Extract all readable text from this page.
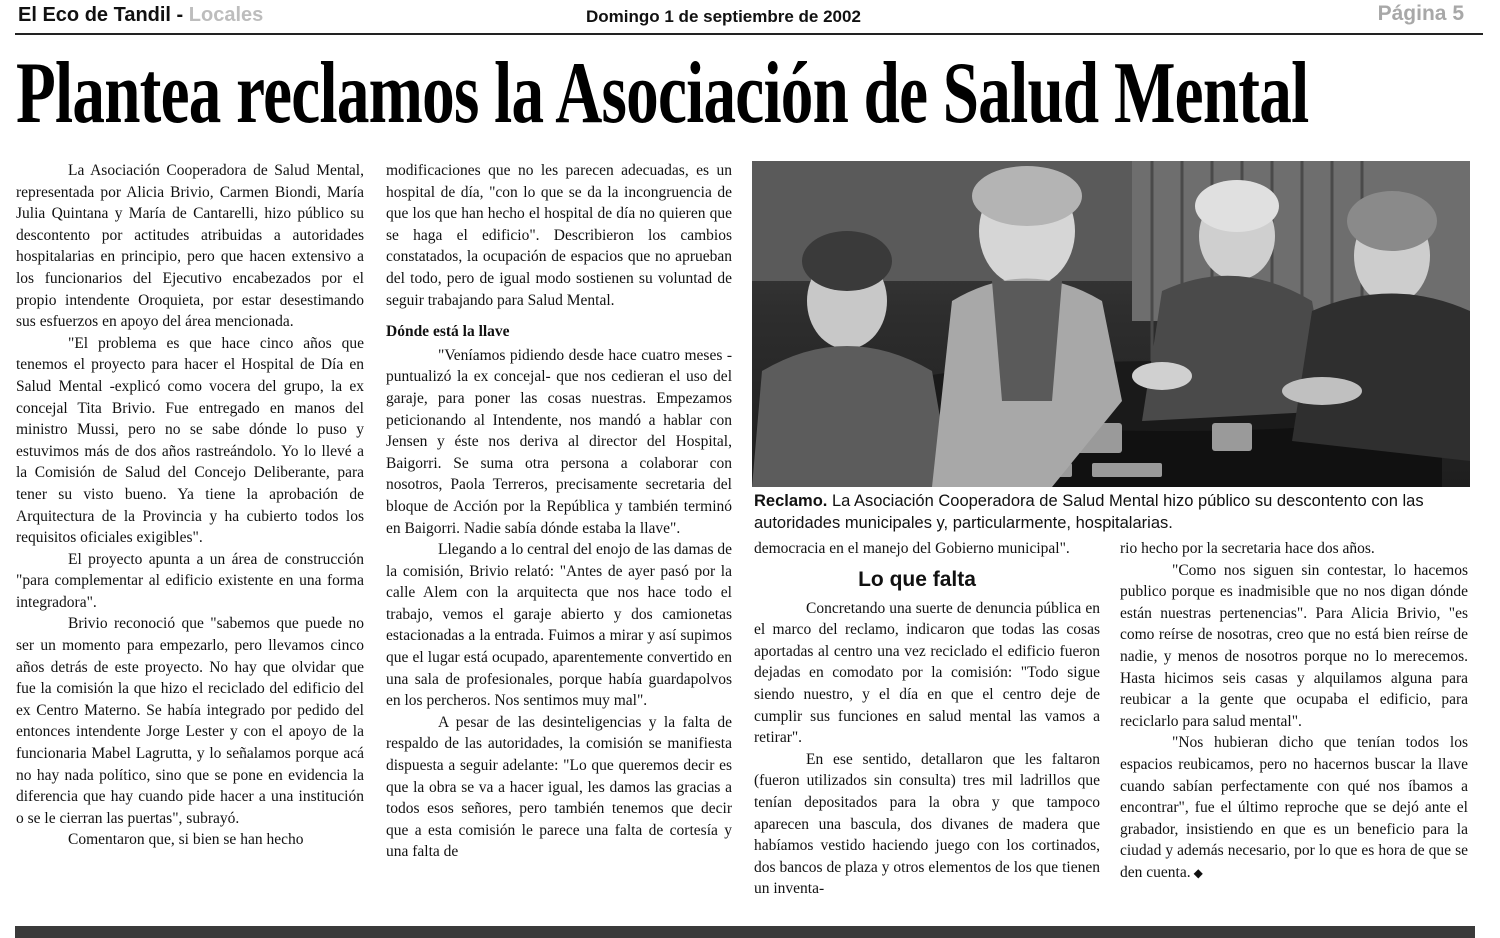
El Eco de Tandil - Locales	Domingo 1 de septiembre de 2002	Página 5
Plantea reclamos la Asociación de Salud Mental

La Asociación Cooperadora de Salud Mental, representada por Alicia Brivio, Carmen Biondi, María Julia Quintana y María de Cantarelli, hizo público su descontento por actitudes atribuidas a autoridades hospitalarias en principio, pero que hacen extensivo a los funcionarios del Ejecutivo encabezados por el propio intendente Oroquieta, por estar desestimando sus esfuerzos en apoyo del área mencionada.

"El problema es que hace cinco años que tenemos el proyecto para hacer el Hospital de Día en Salud Mental -explicó como vocera del grupo, la ex concejal Tita Brivio. Fue entregado en manos del ministro Mussi, pero no se sabe dónde lo puso y estuvimos más de dos años rastreándolo. Yo lo llevé a la Comisión de Salud del Concejo Deliberante, para tener su visto bueno. Ya tiene la aprobación de Arquitectura de la Provincia y ha cubierto todos los requisitos oficiales exigibles".

El proyecto apunta a un área de construcción "para complementar al edificio existente en una forma integradora".

Brivio reconoció que "sabemos que puede no ser un momento para empezarlo, pero llevamos cinco años detrás de este proyecto. No hay que olvidar que fue la comisión la que hizo el reciclado del edificio del ex Centro Materno. Se había integrado por pedido del entonces intendente Jorge Lester y con el apoyo de la funcionaria Mabel Lagrutta, y lo señalamos porque acá no hay nada político, sino que se pone en evidencia la diferencia que hay cuando pide hacer a una institución o se le cierran las puertas", subrayó.

Comentaron que, si bien se han hecho

modificaciones que no les parecen adecuadas, es un hospital de día, "con lo que se da la incongruencia de que los que han hecho el hospital de día no quieren que se haga el edificio". Describieron los cambios constatados, la ocupación de espacios que no aprueban del todo, pero de igual modo sostienen su voluntad de seguir trabajando para Salud Mental.

Dónde está la llave

"Veníamos pidiendo desde hace cuatro meses -puntualizó la ex concejal- que nos cedieran el uso del garaje, para poner las cosas nuestras. Empezamos peticionando al Intendente, nos mandó a hablar con Jensen y éste nos deriva al director del Hospital, Baigorri. Se suma otra persona a colaborar con nosotros, Paola Terreros, precisamente secretaria del bloque de Acción por la República y también terminó en Baigorri. Nadie sabía dónde estaba la llave".

Llegando a lo central del enojo de las damas de la comisión, Brivio relató: "Antes de ayer pasó por la calle Alem con la arquitecta que nos hace todo el trabajo, vemos el garaje abierto y dos camionetas estacionadas a la entrada. Fuimos a mirar y así supimos que el lugar está ocupado, aparentemente convertido en una sala de profesionales, porque había guardapolvos en los percheros. Nos sentimos muy mal".

A pesar de las desinteligencias y la falta de respaldo de las autoridades, la comisión se manifiesta dispuesta a seguir adelante: "Lo que queremos decir es que la obra se va a hacer igual, les damos las gracias a todos esos señores, pero también tenemos que decir que a esta comisión le parece una falta de cortesía y una falta de

Reclamo. La Asociación Cooperadora de Salud Mental hizo público su descontento con las autoridades municipales y, particularmente, hospitalarias.

democracia en el manejo del Gobierno municipal".

Lo que falta

Concretando una suerte de denuncia pública en el marco del reclamo, indicaron que todas las cosas aportadas al centro una vez reciclado el edificio fueron dejadas en comodato por la comisión: "Todo sigue siendo nuestro, y el día en que el centro deje de cumplir sus funciones en salud mental las vamos a retirar".

En ese sentido, detallaron que les faltaron (fueron utilizados sin consulta) tres mil ladrillos que tenían depositados para la obra y que tampoco aparecen una bascula, dos divanes de madera que habíamos vestido haciendo juego con los cortinados, dos bancos de plaza y otros elementos de los que tienen un inventa-

rio hecho por la secretaria hace dos años.

"Como nos siguen sin contestar, lo hacemos publico porque es inadmisible que no nos digan dónde están nuestras pertenencias". Para Alicia Brivio, "es como reírse de nosotras, creo que no está bien reírse de nadie, y menos de nosotros porque no lo merecemos. Hasta hicimos seis casas y alquilamos alguna para reubicar a la gente que ocupaba el edificio, para reciclarlo para salud mental".

"Nos hubieran dicho que tenían todos los espacios reubicamos, pero no hacernos buscar la llave cuando sabían perfectamente con qué nos íbamos a encontrar", fue el último reproche que se dejó ante el grabador, insistiendo en que es un beneficio para la ciudad y además necesario, por lo que es hora de que se den cuenta. ◆
